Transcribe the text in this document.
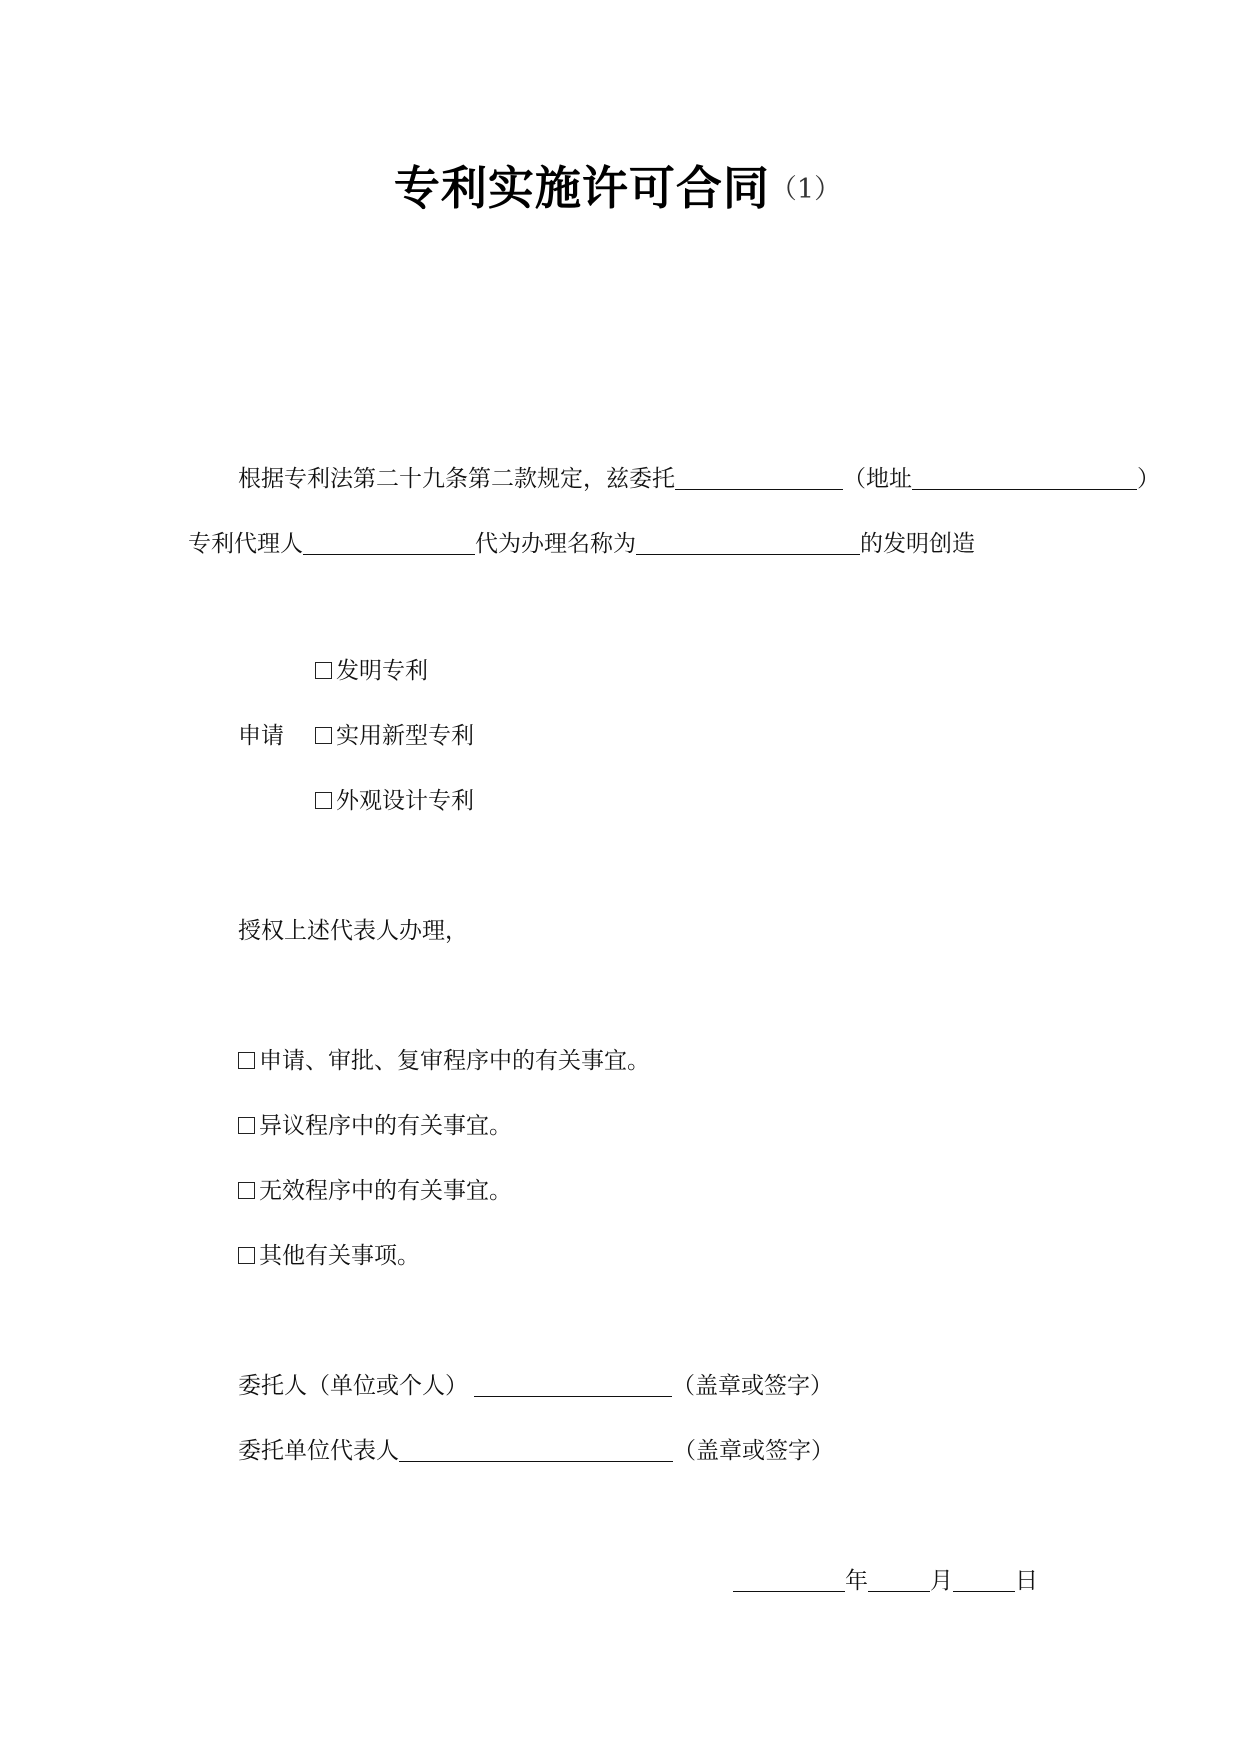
专利实施许可合同（1）
根据专利法第二十九条第二款规定，兹委托	（地址	）
专利代理人	代为办理名称为	的发明创造
发明专利
申请	实用新型专利
外观设计专利
授权上述代表人办理，
申请、审批、复审程序中的有关事宜。
异议程序中的有关事宜。
无效程序中的有关事宜。
其他有关事项。
委托人（单位或个人）	（盖章或签字）
委托单位代表人	（盖章或签字）
年	月	日
